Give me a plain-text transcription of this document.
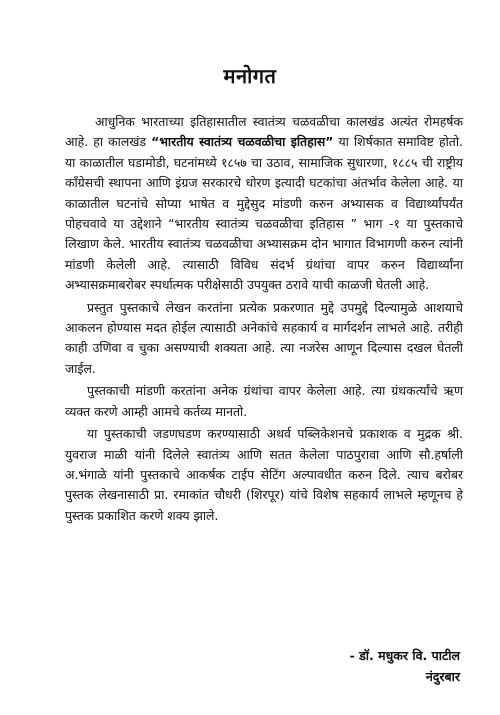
मनोगत

आधुनिक भारताच्या इतिहासातील स्वातंत्र्य चळवळीचा कालखंड अत्यंत रोमहर्षक आहे. हा कालखंड “भारतीय स्वातंत्र्य चळवळीचा इतिहास” या शिर्षकात समाविष्ट होतो. या काळातील घडामोडी, घटनांमध्ये १८५७ चा उठाव, सामाजिक सुधारणा, १८८५ ची राष्ट्रीय काँग्रेसची स्थापना आणि इंग्रज सरकारचे धोरण इत्यादी घटकांचा अंतर्भाव केलेला आहे. या काळातील घटनांचे सोप्या भाषेत व मुद्देसुद मांडणी करुन अभ्यासक व विद्यार्थ्यांपर्यंत पोहचवावे या उद्देशाने “भारतीय स्वातंत्र्य चळवळीचा इतिहास ” भाग -१ या पुस्तकाचे लिखाण केले. भारतीय स्वातंत्र्य चळवळीचा अभ्यासक्रम दोन भागात विभागणी करुन त्यांनी मांडणी केलेली आहे. त्यासाठी विविध संदर्भ ग्रंथांचा वापर करुन विद्यार्थ्यांना अभ्यासक्रमाबरोबर स्पर्धात्मक परीक्षेसाठी उपयुक्त ठरावे याची काळजी घेतली आहे.

प्रस्तुत पुस्तकाचे लेखन करतांना प्रत्येक प्रकरणात मुद्दे उपमुद्दे दिल्यामुळे आशयाचे आकलन होण्यास मदत होईल त्यासाठी अनेकांचे सहकार्य व मार्गदर्शन लाभले आहे. तरीही काही उणिवा व चुका असण्याची शक्यता आहे. त्या नजरेस आणून दिल्यास दखल घेतली जाईल.

पुस्तकाची मांडणी करतांना अनेक ग्रंथांचा वापर केलेला आहे. त्या ग्रंथकर्त्यांचे ऋण व्यक्त करणे आम्ही आमचे कर्तव्य मानतो.

या पुस्तकाची जडणघडण करण्यासाठी अथर्व पब्लिकेशनचे प्रकाशक व मुद्रक श्री. युवराज माळी यांनी दिलेले स्वातंत्र्य आणि सतत केलेला पाठपुरावा आणि सौ.हर्षाली अ.भंगाळे यांनी पुस्तकाचे आकर्षक टाईप सेटिंग अल्पावधीत करुन दिले. त्याच बरोबर पुस्तक लेखनासाठी प्रा. रमाकांत चौधरी (शिरपूर) यांचे विशेष सहकार्य लाभले म्हणूनच हे पुस्तक प्रकाशित करणे शक्य झाले.

- डॉ. मधुकर वि. पाटील
नंदुरबार
